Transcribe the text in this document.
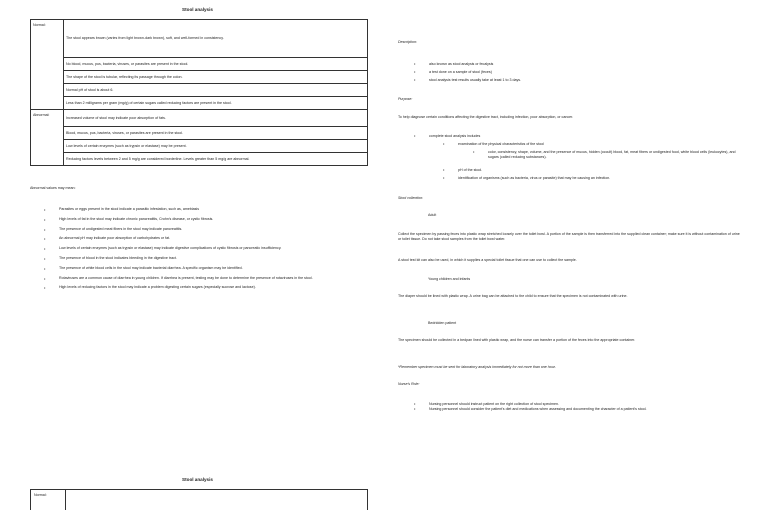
Stool analysis
Normal:	The stool appears brown (varies from light brown-dark brown), soft, and well-formed in consistency.
	No blood, mucus, pus, bacteria, viruses, or parasites are present in the stool.
	The shape of the stool is tubular, reflecting its passage through the colon.
	Normal pH of stool is about 6.
	Less than 2 milligrams per gram (mg/g) of certain sugars called reducing factors are present in the stool.
Abnormal:	Increased volume of stool may indicate poor absorption of fats.
	Blood, mucus, pus, bacteria, viruses, or parasites are present in the stool.
	Low levels of certain enzymes (such as trypsin or elastase) may be present.
	Reducing factors levels between 2 and 5 mg/g are considered borderline. Levels greater than 5 mg/g are abnormal.
Abnormal values may mean:
• Parasites or eggs present in the stool indicate a parasitic infestation, such as, amebiasis
• High levels of fat in the stool may indicate chronic pancreatitis, Crohn's disease, or cystic fibrosis.
• The presence of undigested meat fibers in the stool may indicate pancreatitis.
• An abnormal pH may indicate poor absorption of carbohydrates or fat.
• Low levels of certain enzymes (such as trypsin or elastase) may indicate digestive complications of cystic fibrosis or pancreatic insufficiency.
• The presence of blood in the stool indicates bleeding in the digestive tract.
• The presence of white blood cells in the stool may indicate bacterial diarrhea. A specific organism may be identified.
• Rotaviruses are a common cause of diarrhea in young children. If diarrhea is present, testing may be done to determine the presence of rotaviruses in the stool.
• High levels of reducing factors in the stool may indicate a problem digesting certain sugars (especially sucrose and lactose).
Description:
• also known as stool analysis or fecalysis
• a test done on a sample of stool (feces)
• stool analysis test results usually take at least 1 to 3 days.
Purpose:
To help diagnose certain conditions affecting the digestive tract, including infection, poor absorption, or cancer.
• complete stool analysis includes
• examination of the physical characteristics of the stool
• color, consistency, shape, volume, and the presence of mucus, hidden (occult) blood, fat, meat fibers or undigested food, white blood cells (leukocytes), and sugars (called reducing substances).
• pH of the stool.
• identification of organisms (such as bacteria, virus or parasite) that may be causing an infection.
Stool collection:
Adult
Collect the specimen by passing feces into plastic wrap stretched loosely over the toilet bowl. A portion of the sample is then transferred into the supplied clean container; make sure it is without contamination of urine or toilet tissue. Do not take stool samples from the toilet bowl water.
A stool test kit can also be used, in which it supplies a special toilet tissue that one can use to collect the sample.
Young children and infants
The diaper should be lined with plastic wrap. A urine bag can be attached to the child to ensure that the specimen is not contaminated with urine.
Bedridden patient
The specimen should be collected in a bedpan lined with plastic wrap, and the nurse can transfer a portion of the feces into the appropriate container.
*Remember specimen must be sent for laboratory analysis immediately for not more than one hour.
Nurse's Role:
• Nursing personnel should instruct patient on the right collection of stool specimen.
• Nursing personnel should consider the patient's diet and medications when assessing and documenting the character of a patient's stool.
Stool analysis
Normal:
